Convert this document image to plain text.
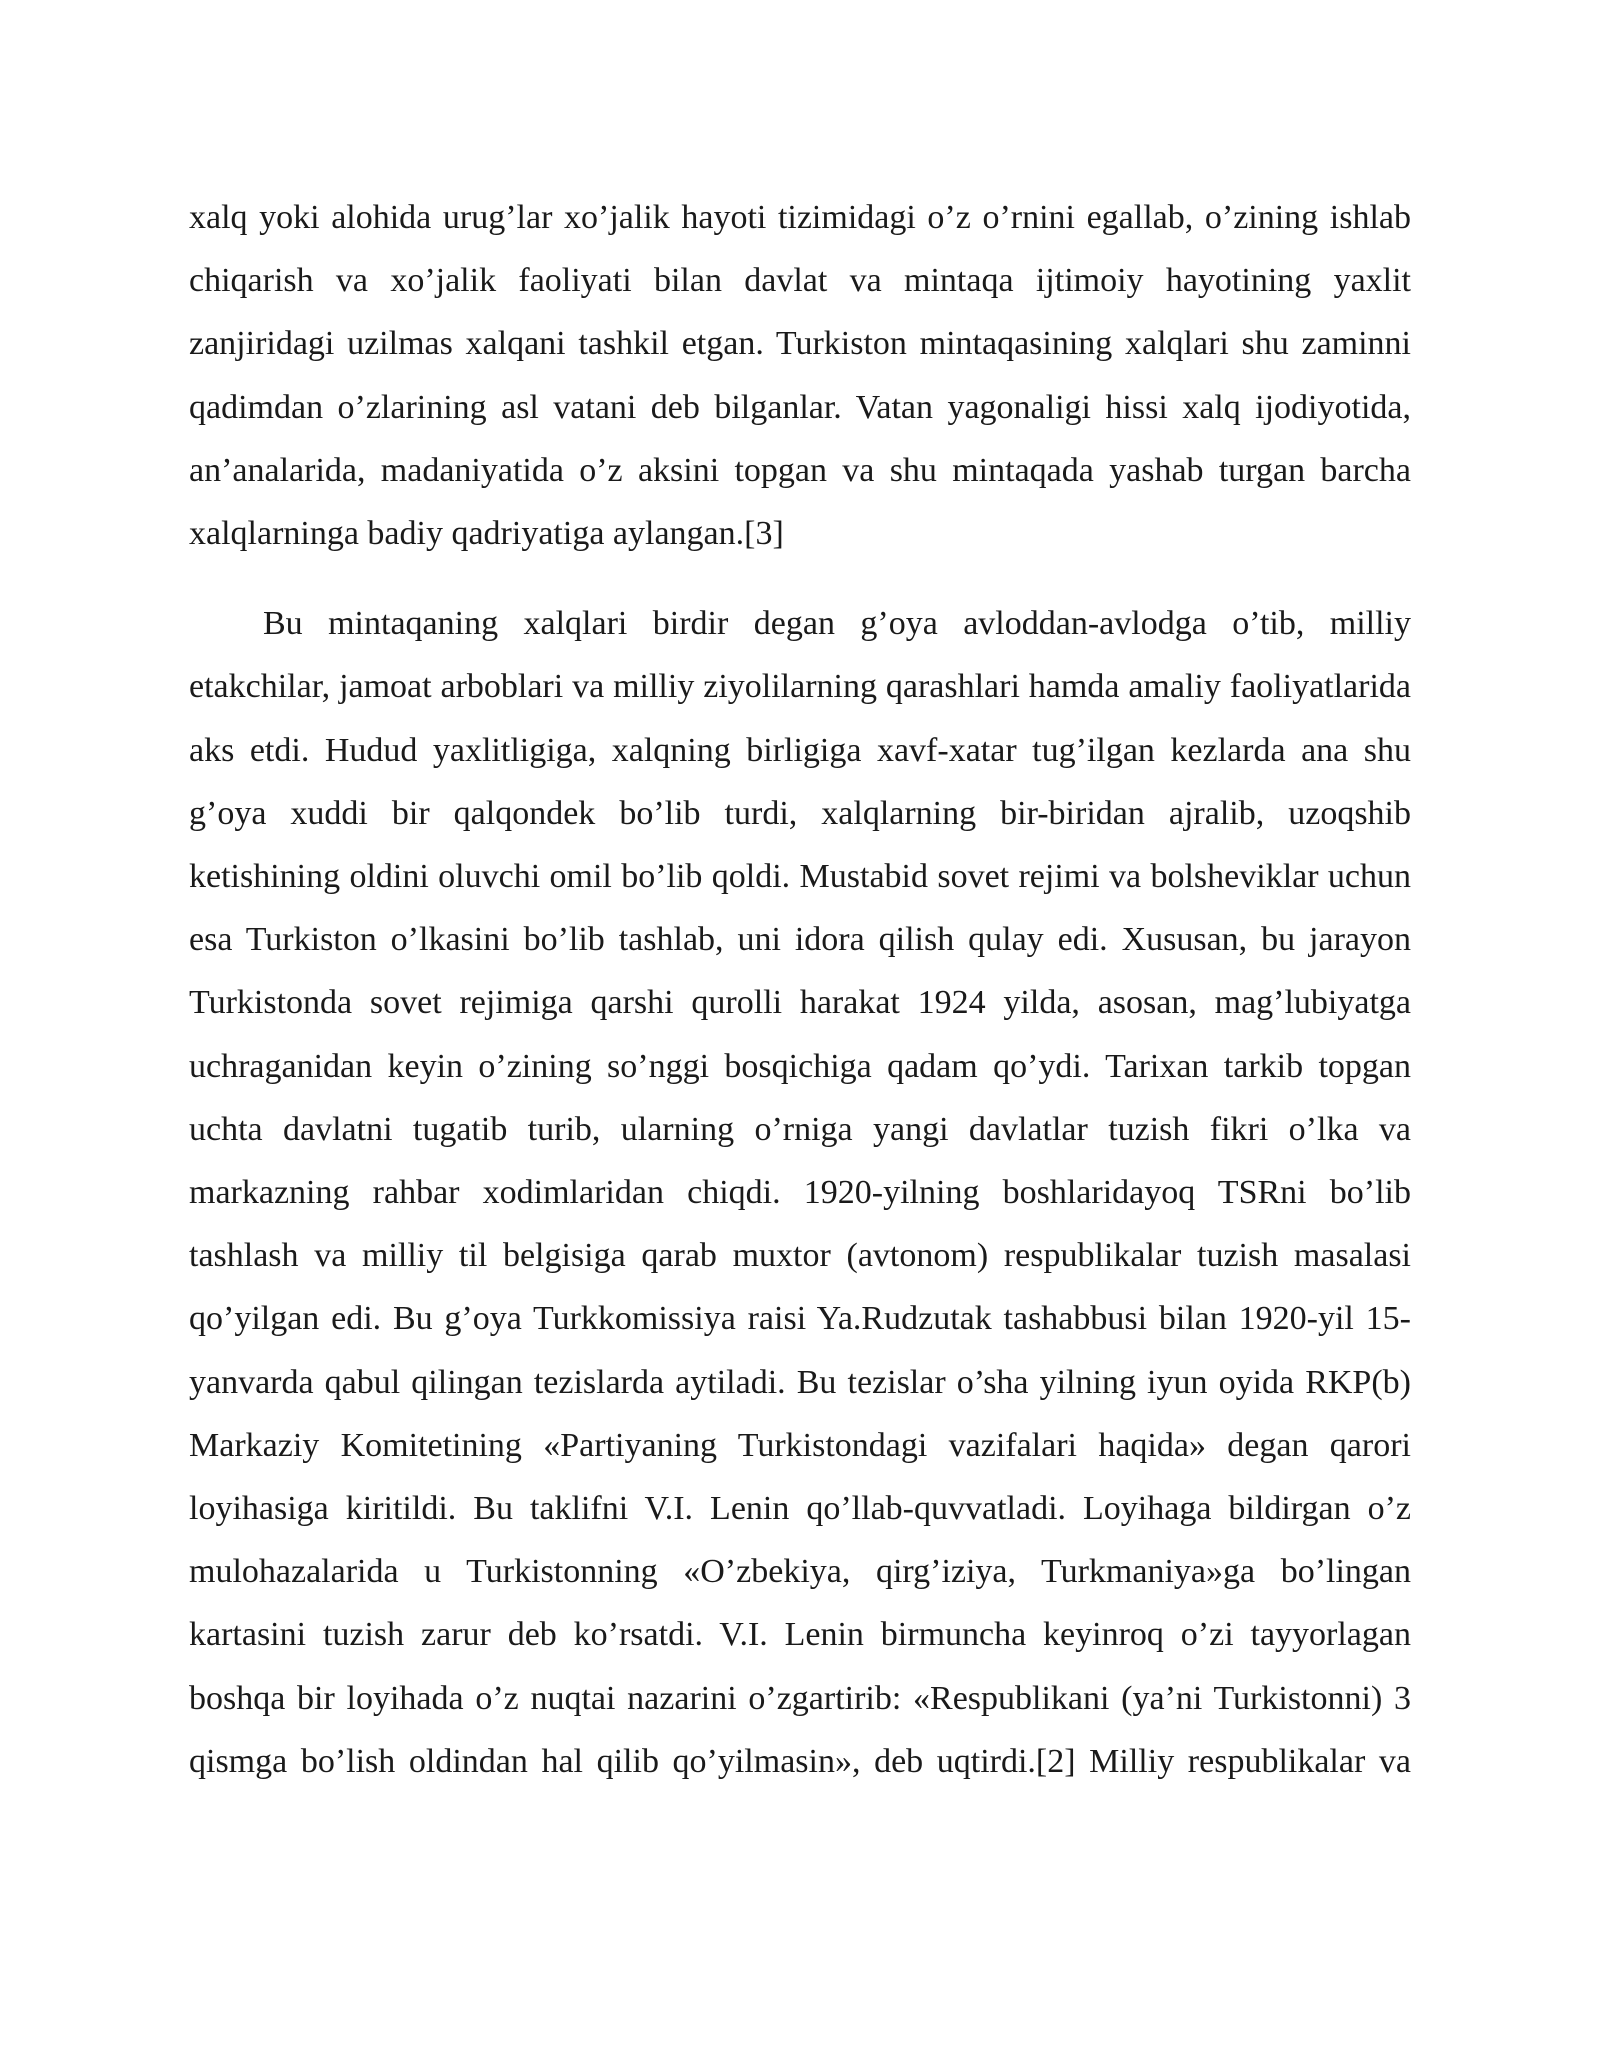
xalq yoki alohida urug’lar xo’jalik hayoti tizimidagi o’z o’rnini egallab, o’zining ishlab chiqarish va xo’jalik faoliyati bilan davlat va mintaqa ijtimoiy hayotining yaxlit zanjiridagi uzilmas xalqani tashkil etgan. Turkiston mintaqasining xalqlari shu zaminni qadimdan o’zlarining asl vatani deb bilganlar. Vatan yagonaligi hissi xalq ijodiyotida, an’analarida, madaniyatida o’z aksini topgan va shu mintaqada yashab turgan barcha xalqlarninga badiy qadriyatiga aylangan.[3]

Bu mintaqaning xalqlari birdir degan g’oya avloddan-avlodga o’tib, milliy etakchilar, jamoat arboblari va milliy ziyolilarning qarashlari hamda amaliy faoliyatlarida aks etdi. Hudud yaxlitligiga, xalqning birligiga xavf-xatar tug’ilgan kezlarda ana shu g’oya xuddi bir qalqondek bo’lib turdi, xalqlarning bir-biridan ajralib, uzoqshib ketishining oldini oluvchi omil bo’lib qoldi. Mustabid sovet rejimi va bolsheviklar uchun esa Turkiston o’lkasini bo’lib tashlab, uni idora qilish qulay edi. Xususan, bu jarayon Turkistonda sovet rejimiga qarshi qurolli harakat 1924 yilda, asosan, mag’lubiyatga uchraganidan keyin o’zining so’nggi bosqichiga qadam qo’ydi. Tarixan tarkib topgan uchta davlatni tugatib turib, ularning o’rniga yangi davlatlar tuzish fikri o’lka va markazning rahbar xodimlaridan chiqdi. 1920-yilning boshlaridayoq TSRni bo’lib tashlash va milliy til belgisiga qarab muxtor (avtonom) respublikalar tuzish masalasi qo’yilgan edi. Bu g’oya Turkkomissiya raisi Ya.Rudzutak tashabbusi bilan 1920-yil 15-yanvarda qabul qilingan tezislarda aytiladi. Bu tezislar o’sha yilning iyun oyida RKP(b) Markaziy Komitetining «Partiyaning Turkistondagi vazifalari haqida» degan qarori loyihasiga kiritildi. Bu taklifni V.I. Lenin qo’llab-quvvatladi. Loyihaga bildirgan o’z mulohazalarida u Turkistonning «O’zbekiya, qirg’iziya, Turkmaniya»ga bo’lingan kartasini tuzish zarur deb ko’rsatdi. V.I. Lenin birmuncha keyinroq o’zi tayyorlagan boshqa bir loyihada o’z nuqtai nazarini o’zgartirib: «Respublikani (ya’ni Turkistonni) 3 qismga bo’lish oldindan hal qilib qo’yilmasin», deb uqtirdi.[2] Milliy respublikalar va
